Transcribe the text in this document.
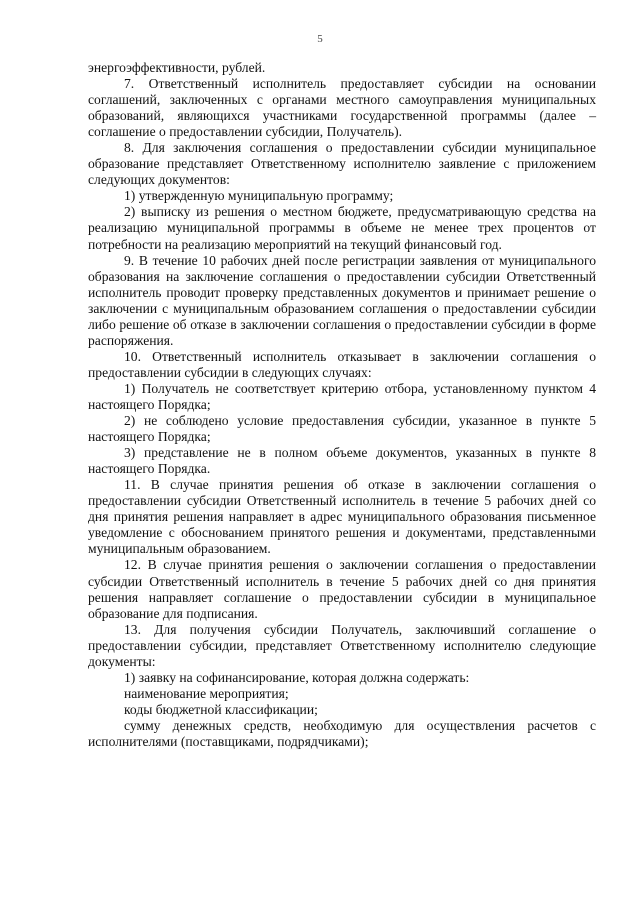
5

энергоэффективности, рублей.

7. Ответственный исполнитель предоставляет субсидии на основании соглашений, заключенных с органами местного самоуправления муниципальных образований, являющихся участниками государственной программы (далее – соглашение о предоставлении субсидии, Получатель).

8. Для заключения соглашения о предоставлении субсидии муниципальное образование представляет Ответственному исполнителю заявление с приложением следующих документов:

1) утвержденную муниципальную программу;

2) выписку из решения о местном бюджете, предусматривающую средства на реализацию муниципальной программы в объеме не менее трех процентов от потребности на реализацию мероприятий на текущий финансовый год.

9. В течение 10 рабочих дней после регистрации заявления от муниципального образования на заключение соглашения о предоставлении субсидии Ответственный исполнитель проводит проверку представленных документов и принимает решение о заключении с муниципальным образованием соглашения о предоставлении субсидии либо решение об отказе в заключении соглашения о предоставлении субсидии в форме распоряжения.

10. Ответственный исполнитель отказывает в заключении соглашения о предоставлении субсидии в следующих случаях:

1) Получатель не соответствует критерию отбора, установленному пунктом 4 настоящего Порядка;

2) не соблюдено условие предоставления субсидии, указанное в пункте 5 настоящего Порядка;

3) представление не в полном объеме документов, указанных в пункте 8 настоящего Порядка.

11. В случае принятия решения об отказе в заключении соглашения о предоставлении субсидии Ответственный исполнитель в течение 5 рабочих дней со дня принятия решения направляет в адрес муниципального образования письменное уведомление с обоснованием принятого решения и документами, представленными муниципальным образованием.

12. В случае принятия решения о заключении соглашения о предоставлении субсидии Ответственный исполнитель в течение 5 рабочих дней со дня принятия решения направляет соглашение о предоставлении субсидии в муниципальное образование для подписания.

13. Для получения субсидии Получатель, заключивший соглашение о предоставлении субсидии, представляет Ответственному исполнителю следующие документы:

1) заявку на софинансирование, которая должна содержать:

наименование мероприятия;

коды бюджетной классификации;

сумму денежных средств, необходимую для осуществления расчетов с исполнителями (поставщиками, подрядчиками);
